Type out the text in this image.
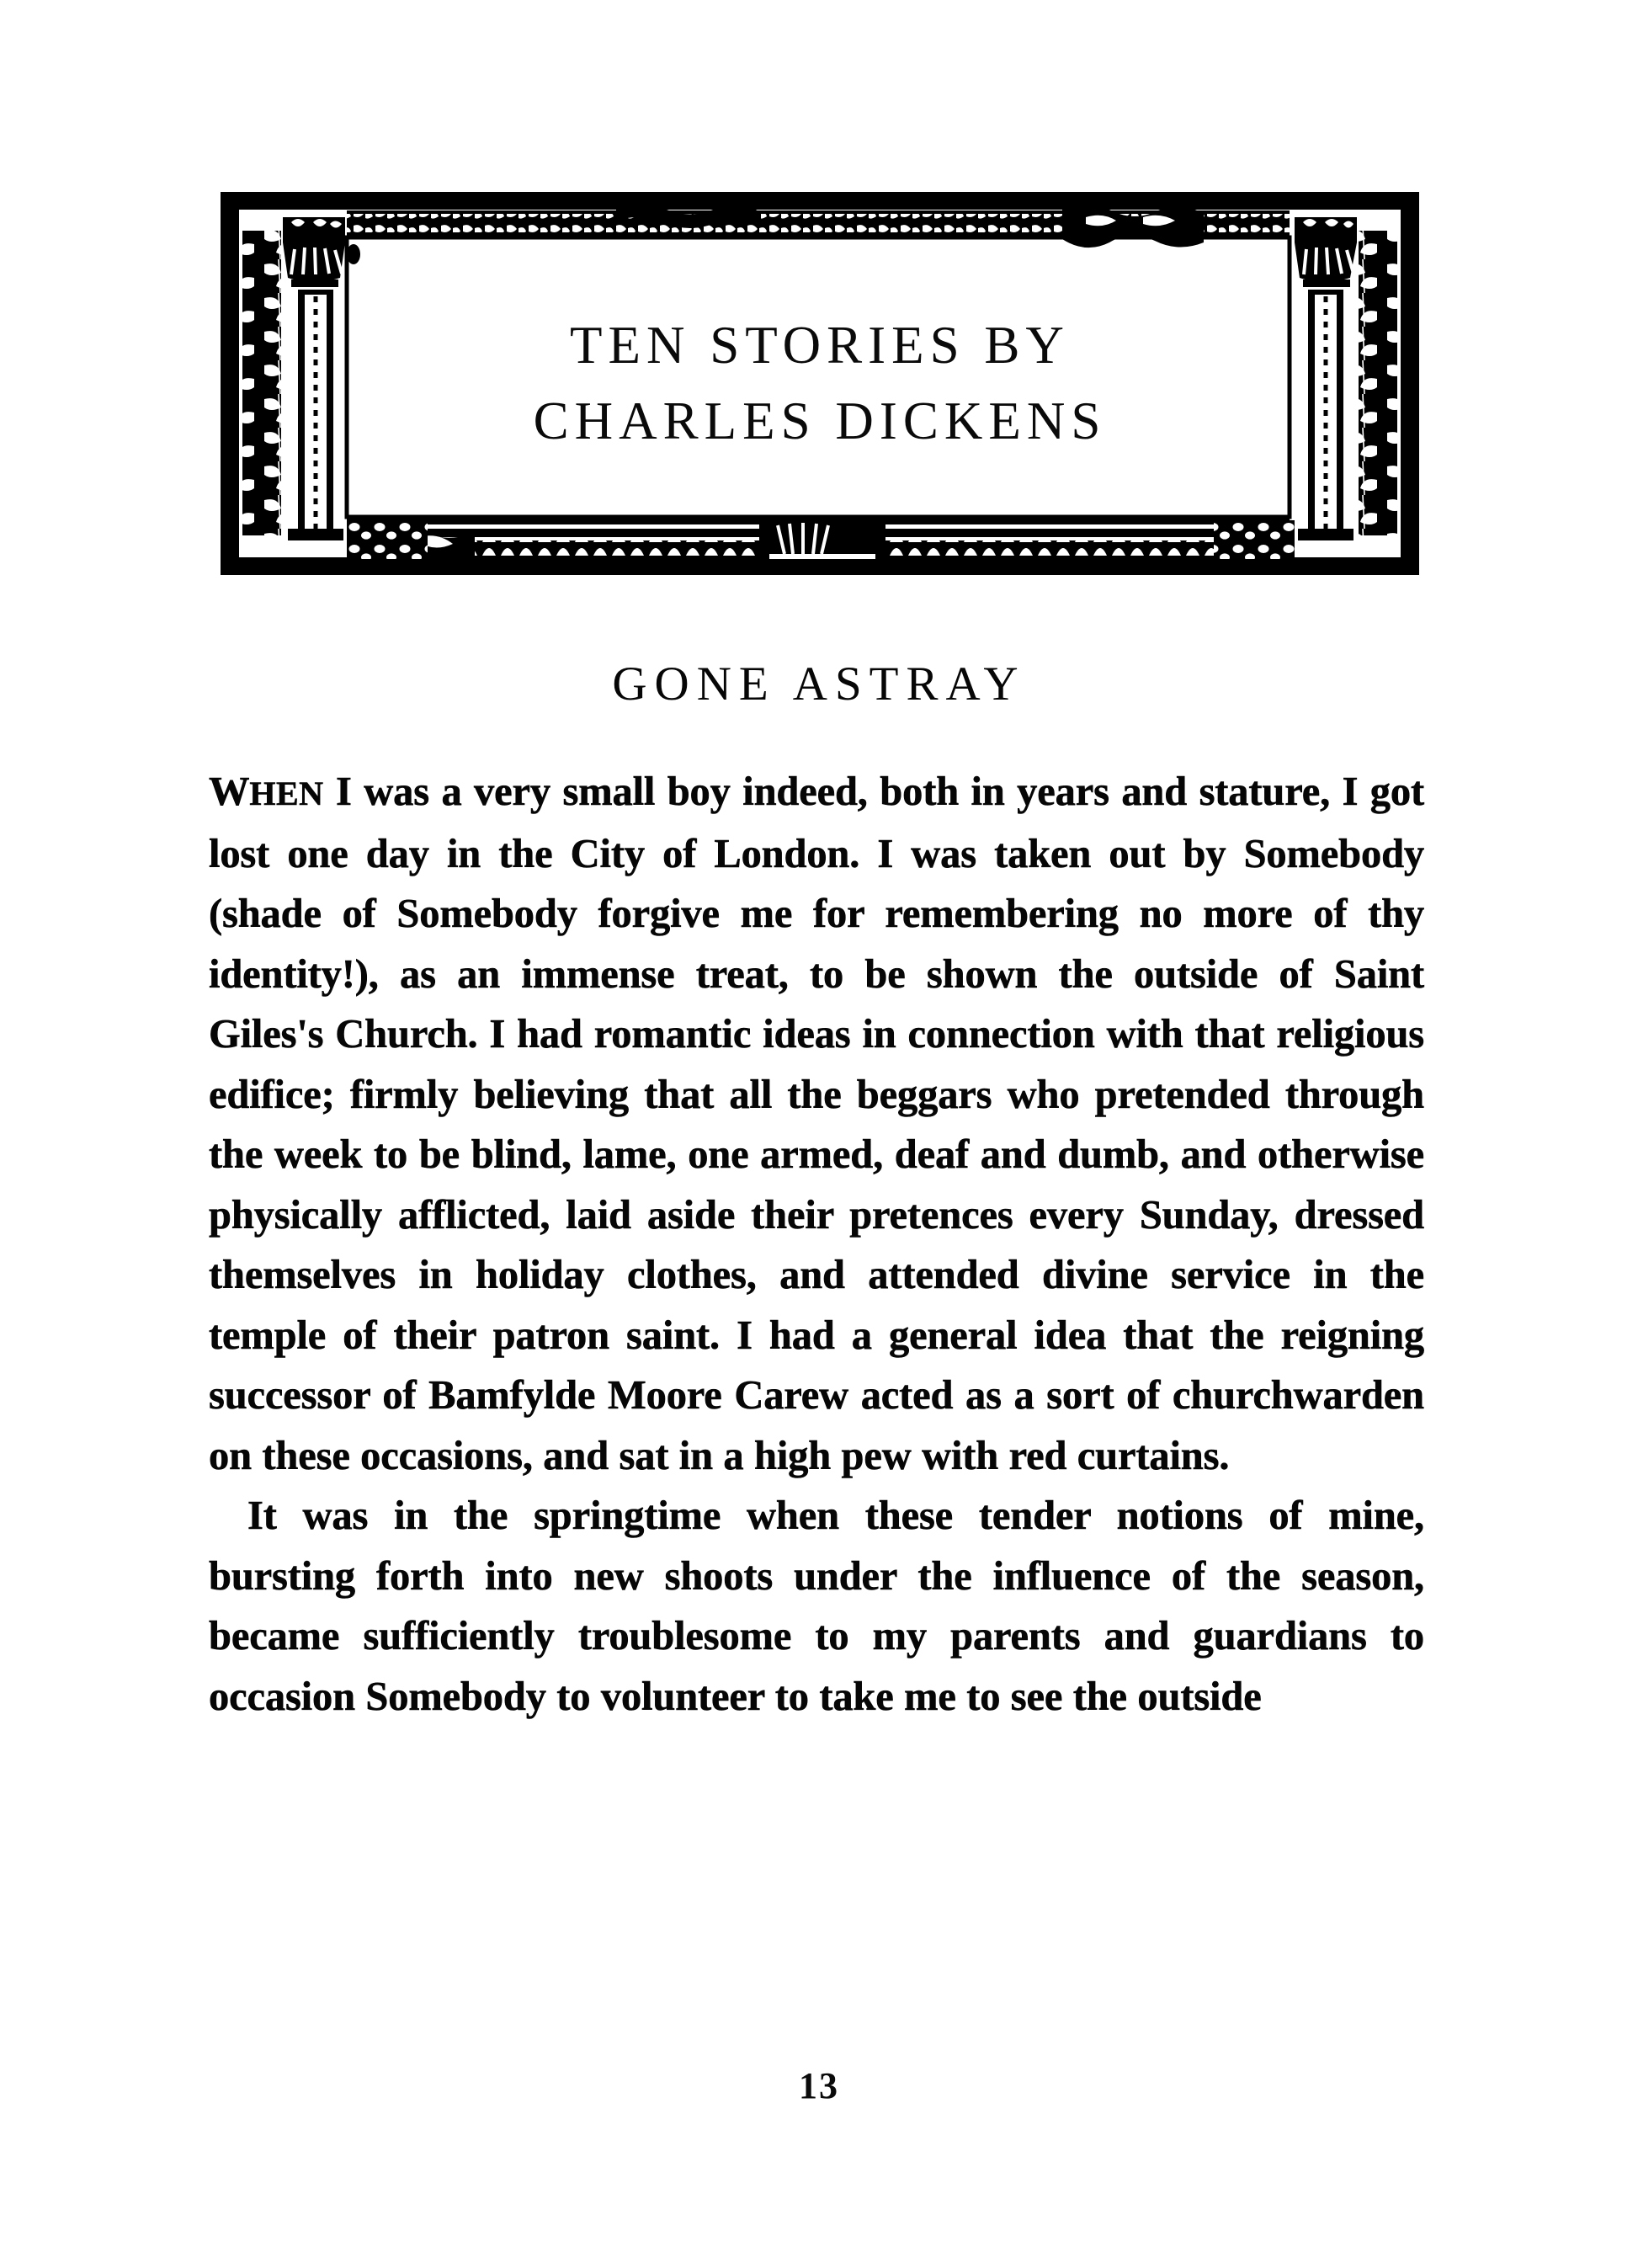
TEN STORIES BY
CHARLES DICKENS
GONE ASTRAY

WHEN I was a very small boy indeed, both in years and stature, I got lost one day in the City of London. I was taken out by Somebody (shade of Somebody forgive me for remembering no more of thy identity!), as an immense treat, to be shown the outside of Saint Giles's Church. I had romantic ideas in connection with that religious edifice; firmly believing that all the beggars who pretended through the week to be blind, lame, one armed, deaf and dumb, and otherwise physically afflicted, laid aside their pretences every Sunday, dressed themselves in holiday clothes, and attended divine service in the temple of their patron saint. I had a general idea that the reigning successor of Bamfylde Moore Carew acted as a sort of churchwarden on these occasions, and sat in a high pew with red curtains.

It was in the springtime when these tender notions of mine, bursting forth into new shoots under the influence of the season, became sufficiently troublesome to my parents and guardians to occasion Somebody to volunteer to take me to see the outside

13
